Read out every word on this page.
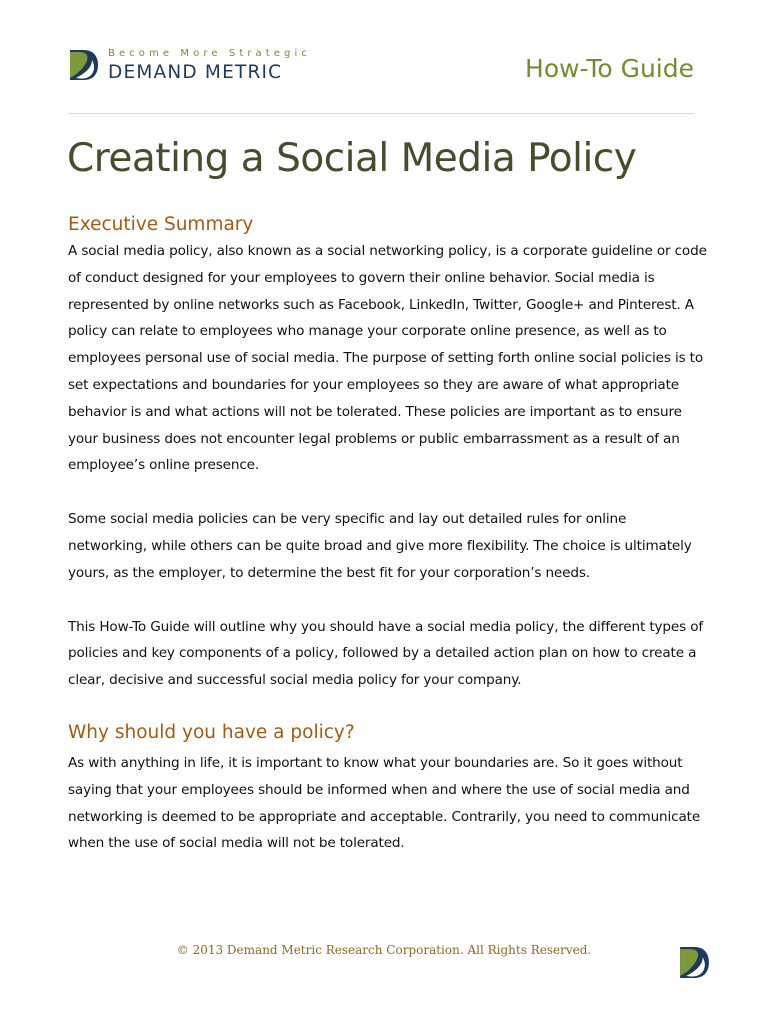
Become More Strategic
DEMAND METRIC	How-To Guide
Creating a Social Media Policy
Executive Summary

A social media policy, also known as a social networking policy, is a corporate guideline or code of conduct designed for your employees to govern their online behavior. Social media is represented by online networks such as Facebook, LinkedIn, Twitter, Google+ and Pinterest. A policy can relate to employees who manage your corporate online presence, as well as to employees personal use of social media. The purpose of setting forth online social policies is to set expectations and boundaries for your employees so they are aware of what appropriate behavior is and what actions will not be tolerated. These policies are important as to ensure your business does not encounter legal problems or public embarrassment as a result of an employee’s online presence.

Some social media policies can be very specific and lay out detailed rules for online networking, while others can be quite broad and give more flexibility. The choice is ultimately yours, as the employer, to determine the best fit for your corporation’s needs.

This How-To Guide will outline why you should have a social media policy, the different types of policies and key components of a policy, followed by a detailed action plan on how to create a clear, decisive and successful social media policy for your company.

Why should you have a policy?

As with anything in life, it is important to know what your boundaries are. So it goes without saying that your employees should be informed when and where the use of social media and networking is deemed to be appropriate and acceptable. Contrarily, you need to communicate when the use of social media will not be tolerated.

© 2013 Demand Metric Research Corporation. All Rights Reserved.
